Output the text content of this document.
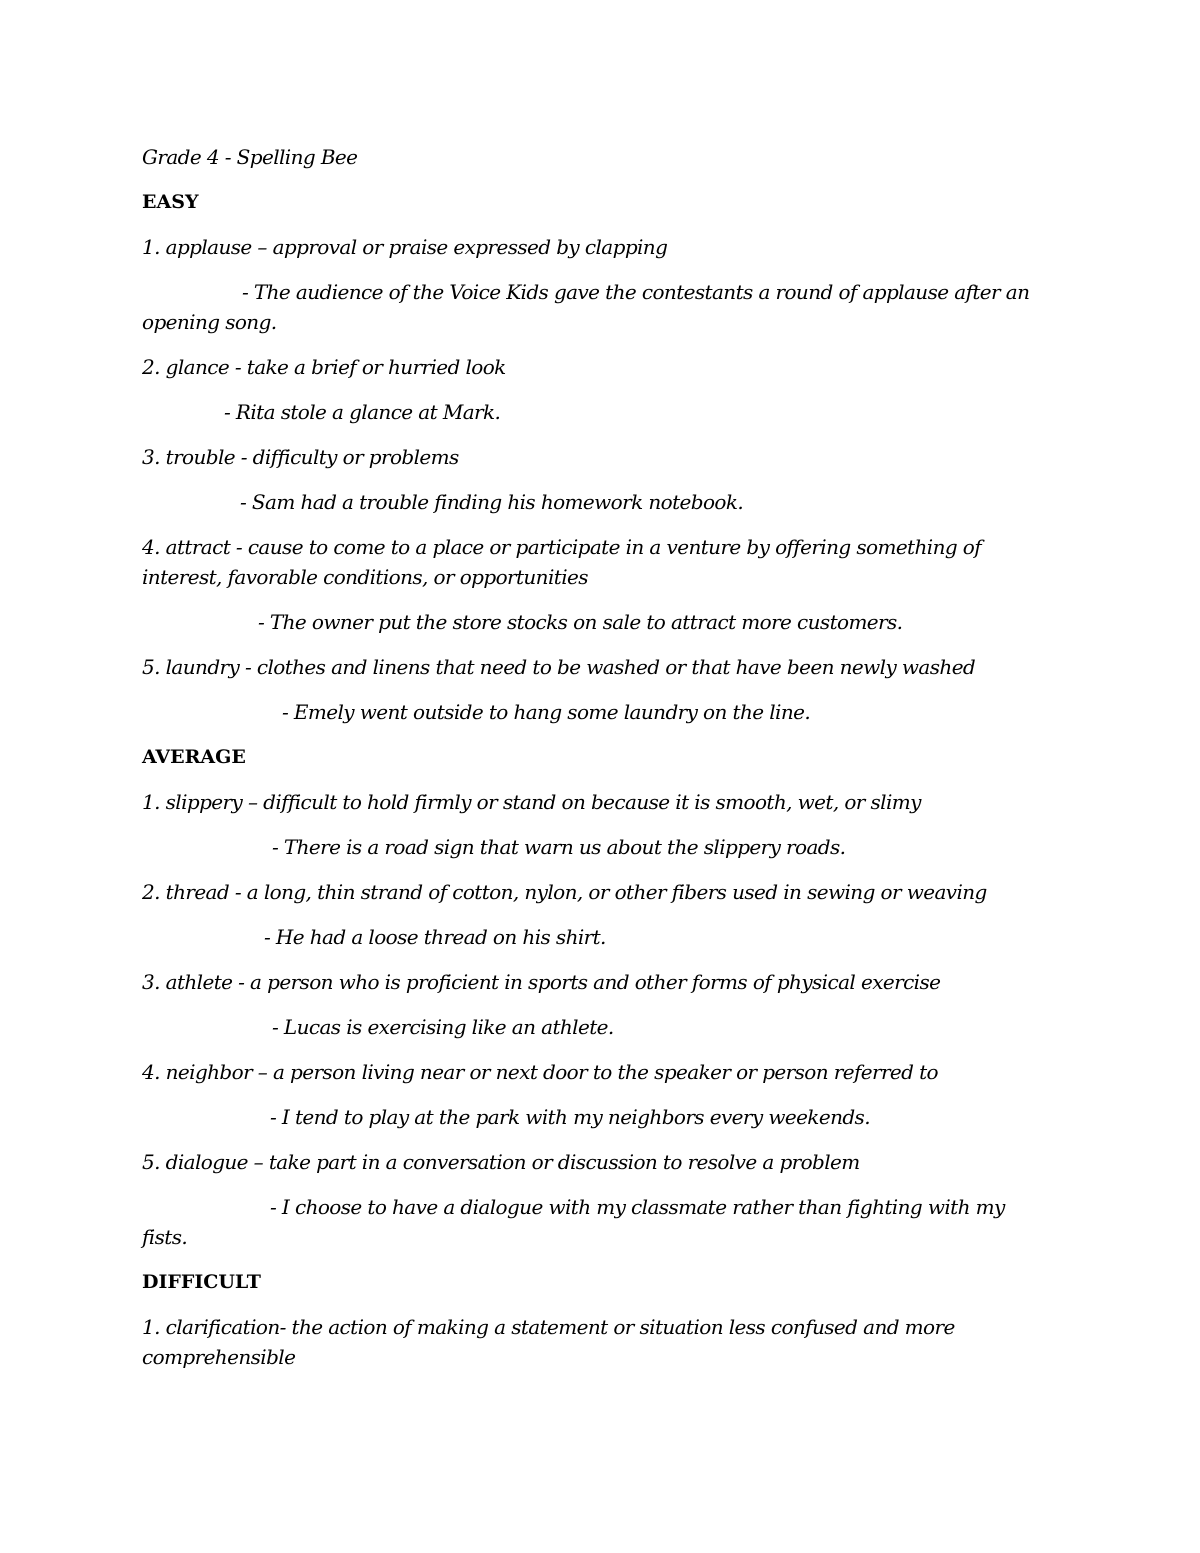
Grade 4 - Spelling Bee

EASY

1. applause – approval or praise expressed by clapping

- The audience of the Voice Kids gave the contestants a round of applause after an

opening song.

2. glance - take a brief or hurried look

- Rita stole a glance at Mark.

3. trouble - difficulty or problems

- Sam had a trouble finding his homework notebook.

4. attract - cause to come to a place or participate in a venture by offering something of

interest, favorable conditions, or opportunities

- The owner put the store stocks on sale to attract more customers.

5. laundry - clothes and linens that need to be washed or that have been newly washed

- Emely went outside to hang some laundry on the line.

AVERAGE

1. slippery – difficult to hold firmly or stand on because it is smooth, wet, or slimy

- There is a road sign that warn us about the slippery roads.

2. thread - a long, thin strand of cotton, nylon, or other fibers used in sewing or weaving

- He had a loose thread on his shirt.

3. athlete - a person who is proficient in sports and other forms of physical exercise

- Lucas is exercising like an athlete.

4. neighbor – a person living near or next door to the speaker or person referred to

- I tend to play at the park with my neighbors every weekends.

5. dialogue – take part in a conversation or discussion to resolve a problem

- I choose to have a dialogue with my classmate rather than fighting with my

fists.

DIFFICULT

1. clarification- the action of making a statement or situation less confused and more

comprehensible
